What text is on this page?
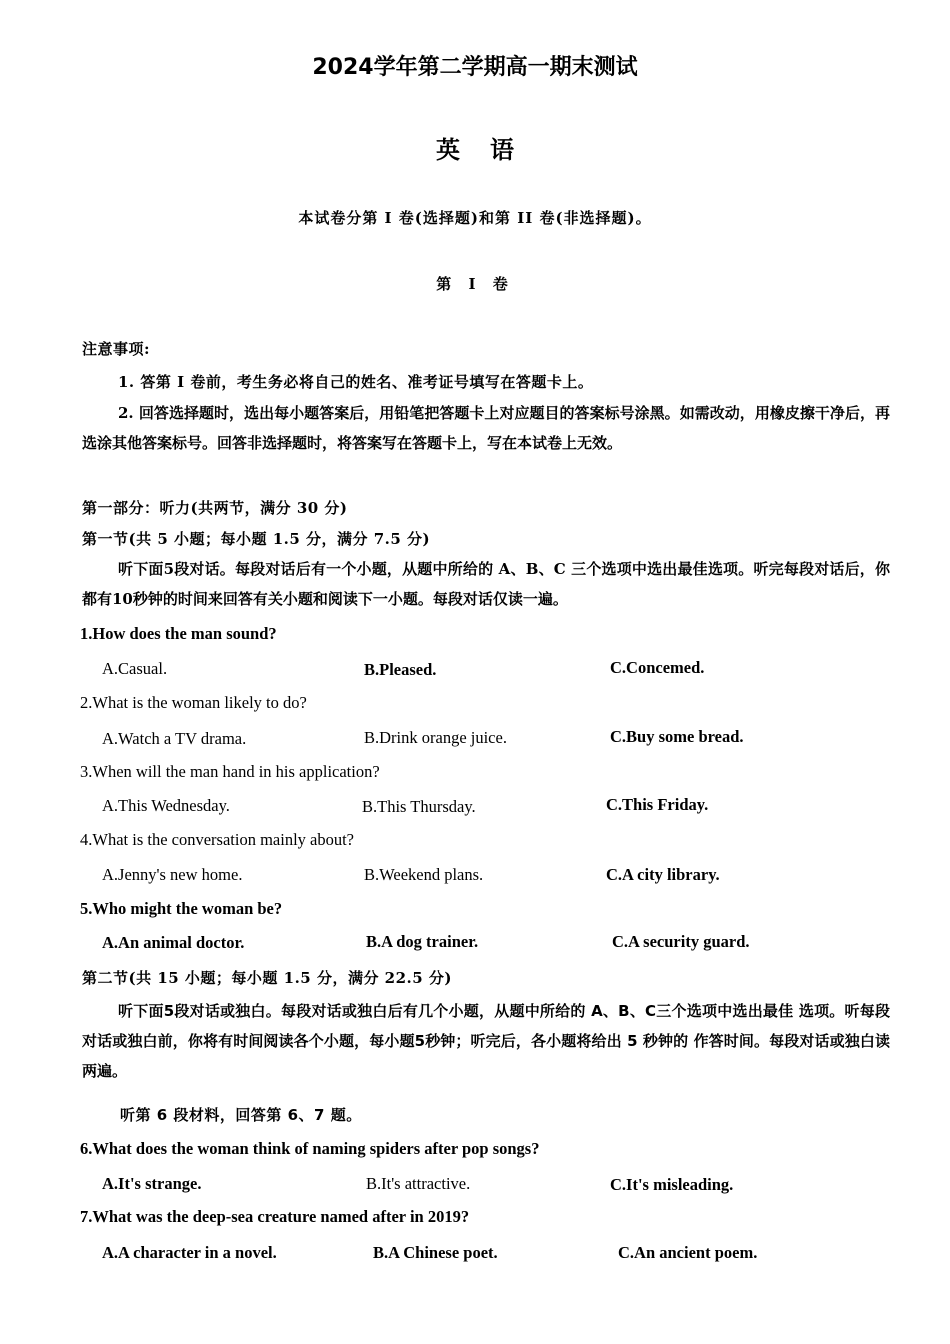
2024学年第二学期高一期末测试
英语
本试卷分第 I 卷(选择题)和第 II 卷(非选择题)。
第 I 卷
注意事项:
1. 答第 I 卷前，考生务必将自己的姓名、准考证号填写在答题卡上。
2. 回答选择题时，选出每小题答案后，用铅笔把答题卡上对应题目的答案标号涂黑。如需改动，用橡皮擦干净后，再选涂其他答案标号。回答非选择题时，将答案写在答题卡上，写在本试卷上无效。
第一部分：听力(共两节，满分 30 分)
第一节(共 5 小题；每小题 1.5 分，满分 7.5 分)
听下面5段对话。每段对话后有一个小题，从题中所给的 A、B、C 三个选项中选出最佳选项。听完每段对话后，你都有10秒钟的时间来回答有关小题和阅读下一小题。每段对话仅读一遍。
1.How does the man sound?
A.Casual.	B.Pleased.	C.Concemed.
2.What is the woman likely to do?
A.Watch a TV drama.	B.Drink orange juice.	C.Buy some bread.
3.When will the man hand in his application?
A.This Wednesday.	B.This Thursday.	C.This Friday.
4.What is the conversation mainly about?
A.Jenny's new home.	B.Weekend plans.	C.A city library.
5.Who might the woman be?
A.An animal doctor.	B.A dog trainer.	C.A security guard.
第二节(共 15 小题；每小题 1.5 分，满分 22.5 分)
听下面5段对话或独白。每段对话或独白后有几个小题，从题中所给的 A、B、C三个选项中选出最佳 选项。听每段对话或独白前，你将有时间阅读各个小题，每小题5秒钟；听完后，各小题将给出 5 秒钟的 作答时间。每段对话或独白读两遍。
听第 6 段材料，回答第 6、7 题。
6.What does the woman think of naming spiders after pop songs?
A.It's strange.	B.It's attractive.	C.It's misleading.
7.What was the deep-sea creature named after in 2019?
A.A character in a novel.	B.A Chinese poet.	C.An ancient poem.
